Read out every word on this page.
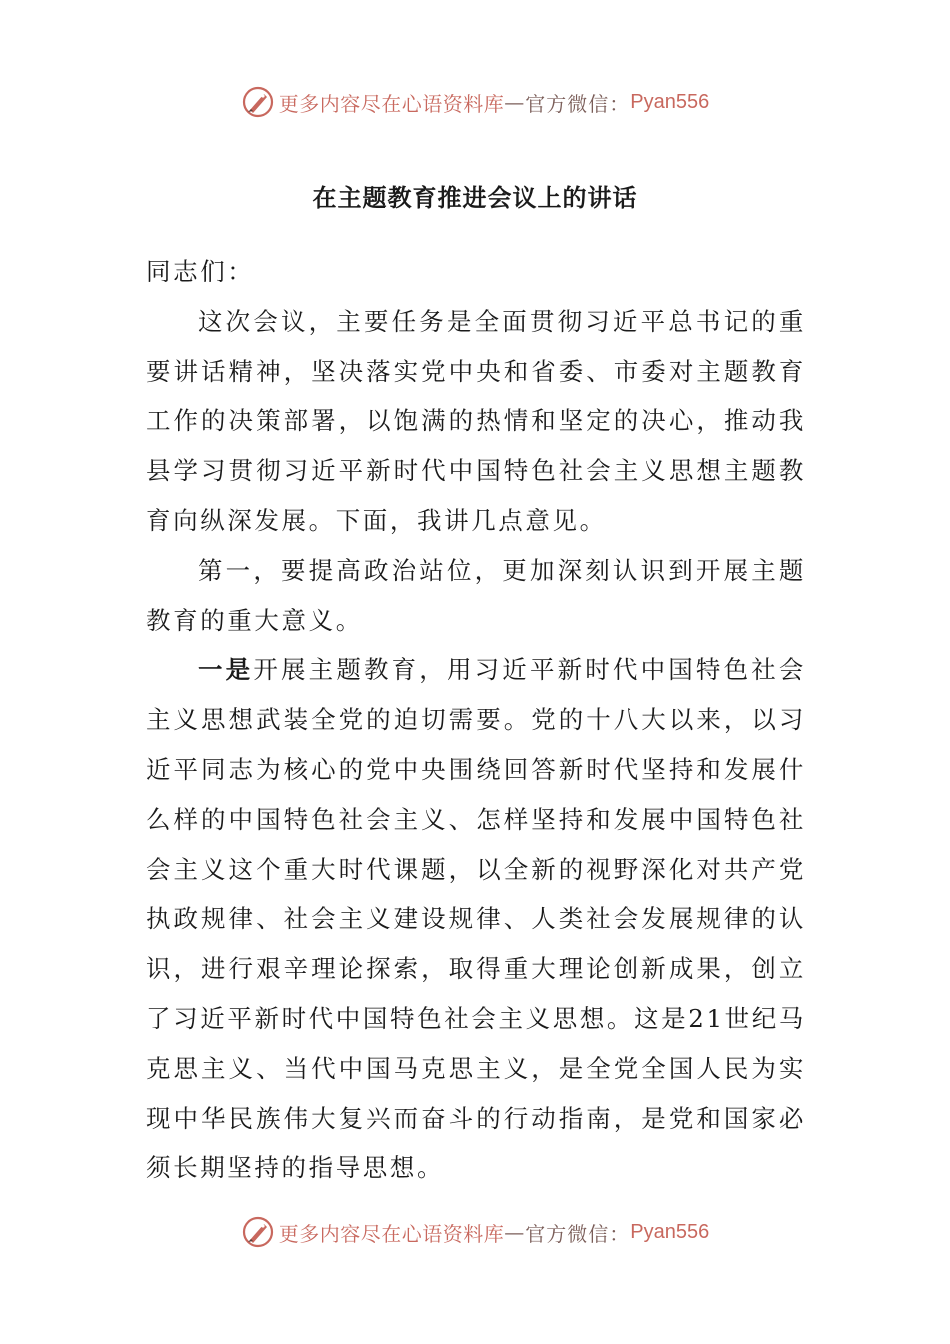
更多内容尽在心语资料库 — 官方微信： Pyan556
在主题教育推进会议上的讲话

同志们：

这次会议，主要任务是全面贯彻习近平总书记的重要讲话精神，坚决落实党中央和省委、市委对主题教育工作的决策部署，以饱满的热情和坚定的决心，推动我县学习贯彻习近平新时代中国特色社会主义思想主题教育向纵深发展。下面，我讲几点意见。

第一，要提高政治站位，更加深刻认识到开展主题教育的重大意义。

一是开展主题教育，用习近平新时代中国特色社会主义思想武装全党的迫切需要。党的十八大以来，以习近平同志为核心的党中央围绕回答新时代坚持和发展什么样的中国特色社会主义、怎样坚持和发展中国特色社会主义这个重大时代课题，以全新的视野深化对共产党执政规律、社会主义建设规律、人类社会发展规律的认识，进行艰辛理论探索，取得重大理论创新成果，创立了习近平新时代中国特色社会主义思想。这是21世纪马克思主义、当代中国马克思主义，是全党全国人民为实现中华民族伟大复兴而奋斗的行动指南，是党和国家必须长期坚持的指导思想。

更多内容尽在心语资料库 — 官方微信： Pyan556
